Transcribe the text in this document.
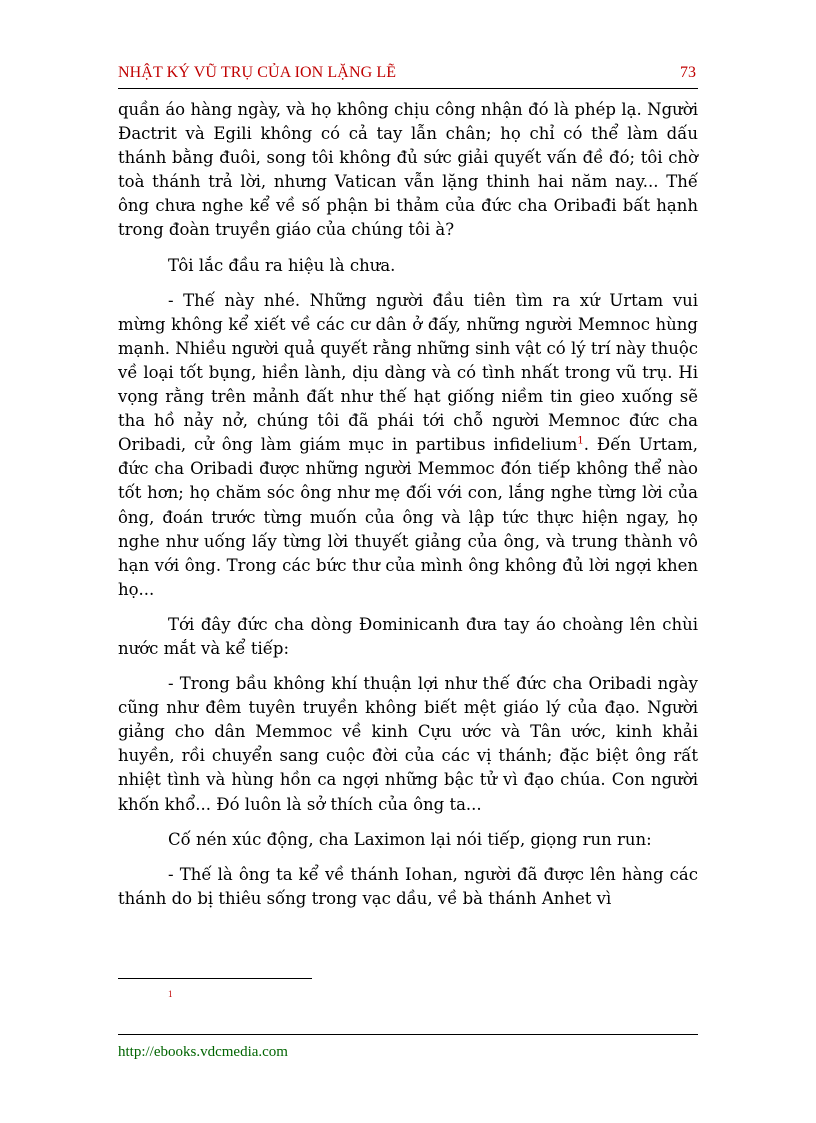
NHẬT KÝ VŨ TRỤ CỦA ION LẶNG LẼ	73

quần áo hàng ngày, và họ không chịu công nhận đó là phép lạ. Người Đactrit và Egili không có cả tay lẫn chân; họ chỉ có thể làm dấu thánh bằng đuôi, song tôi không đủ sức giải quyết vấn đề đó; tôi chờ toà thánh trả lời, nhưng Vatican vẫn lặng thinh hai năm nay... Thế ông chưa nghe kể về số phận bi thảm của đức cha Oribađi bất hạnh trong đoàn truyền giáo của chúng tôi à?

Tôi lắc đầu ra hiệu là chưa.

- Thế này nhé. Những người đầu tiên tìm ra xứ Urtam vui mừng không kể xiết về các cư dân ở đấy, những người Memnoc hùng mạnh. Nhiều người quả quyết rằng những sinh vật có lý trí này thuộc về loại tốt bụng, hiền lành, dịu dàng và có tình nhất trong vũ trụ. Hi vọng rằng trên mảnh đất như thế hạt giống niềm tin gieo xuống sẽ tha hồ nảy nở, chúng tôi đã phái tới chỗ người Memnoc đức cha Oribadi, cử ông làm giám mục in partibus infidelium$^1$. Đến Urtam, đức cha Oribadi được những người Memmoc đón tiếp không thể nào tốt hơn; họ chăm sóc ông như mẹ đối với con, lắng nghe từng lời của ông, đoán trước từng muốn của ông và lập tức thực hiện ngay, họ nghe như uống lấy từng lời thuyết giảng của ông, và trung thành vô hạn với ông. Trong các bức thư của mình ông không đủ lời ngợi khen họ...

Tới đây đức cha dòng Đominicanh đưa tay áo choàng lên chùi nước mắt và kể tiếp:

- Trong bầu không khí thuận lợi như thế đức cha Oribadi ngày cũng như đêm tuyên truyền không biết mệt giáo lý của đạo. Người giảng cho dân Memmoc về kinh Cựu ước và Tân ước, kinh khải huyền, rồi chuyển sang cuộc đời của các vị thánh; đặc biệt ông rất nhiệt tình và hùng hồn ca ngợi những bậc tử vì đạo chúa. Con người khốn khổ... Đó luôn là sở thích của ông ta...

Cố nén xúc động, cha Laximon lại nói tiếp, giọng run run:

- Thế là ông ta kể về thánh Iohan, người đã được lên hàng các thánh do bị thiêu sống trong vạc dầu, về bà thánh Anhet vì

1
http://ebooks.vdcmedia.com
